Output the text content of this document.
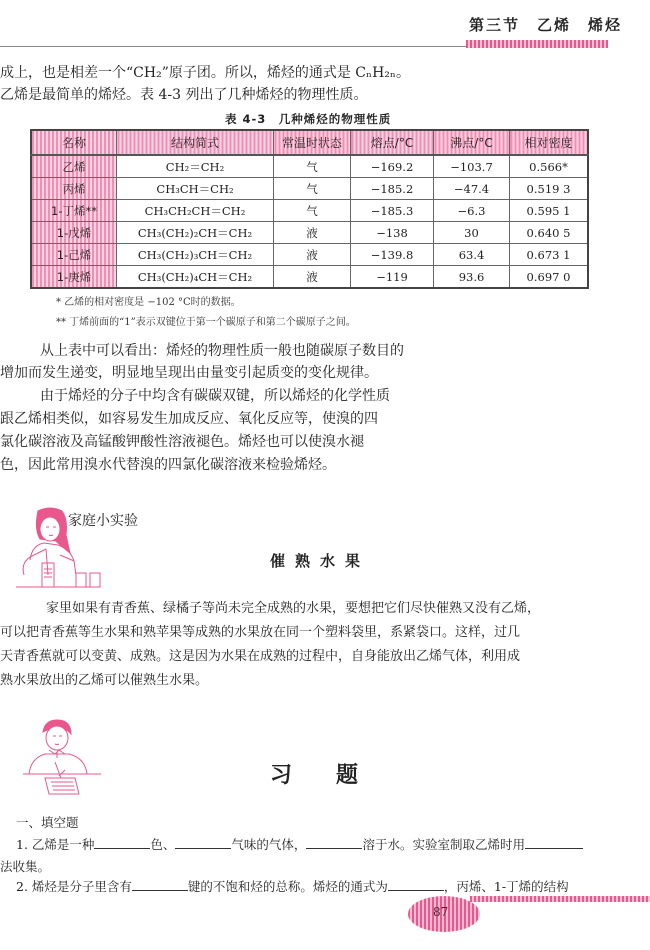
第三节　乙烯　烯烃
成上，也是相差一个“CH₂”原子团。所以，烯烃的通式是 CₙH₂ₙ。
乙烯是最简单的烯烃。表 4-3 列出了几种烯烃的物理性质。
表 4-3　几种烯烃的物理性质
名称	结构简式	常温时状态	熔点/°C	沸点/°C	相对密度
乙烯	CH₂＝CH₂	气	−169.2	−103.7	0.566*
丙烯	CH₃CH＝CH₂	气	−185.2	−47.4	0.519 3
1-丁烯**	CH₃CH₂CH＝CH₂	气	−185.3	−6.3	0.595 1
1-戊烯	CH₃(CH₂)₂CH＝CH₂	液	−138	30	0.640 5
1-己烯	CH₃(CH₂)₃CH＝CH₂	液	−139.8	63.4	0.673 1
1-庚烯	CH₃(CH₂)₄CH＝CH₂	液	−119	93.6	0.697 0
* 乙烯的相对密度是 −102 °C时的数据。
** 丁烯前面的“1”表示双键位于第一个碳原子和第二个碳原子之间。
从上表中可以看出：烯烃的物理性质一般也随碳原子数目的
增加而发生递变，明显地呈现出由量变引起质变的变化规律。
由于烯烃的分子中均含有碳碳双键，所以烯烃的化学性质
跟乙烯相类似，如容易发生加成反应、氧化反应等，使溴的四
氯化碳溶液及高锰酸钾酸性溶液褪色。烯烃也可以使溴水褪
色，因此常用溴水代替溴的四氯化碳溶液来检验烯烃。
家庭小实验
催熟水果
家里如果有青香蕉、绿橘子等尚未完全成熟的水果，要想把它们尽快催熟又没有乙烯，
可以把青香蕉等生水果和熟苹果等成熟的水果放在同一个塑料袋里，系紧袋口。这样，过几
天青香蕉就可以变黄、成熟。这是因为水果在成熟的过程中，自身能放出乙烯气体，利用成
熟水果放出的乙烯可以催熟生水果。
习　　题
一、填空题
1. 乙烯是一种	色、	气味的气体，	溶于水。实验室制取乙烯时用
法收集。
2. 烯烃是分子里含有	键的不饱和烃的总称。烯烃的通式为	，丙烯、1-丁烯的结构
87
